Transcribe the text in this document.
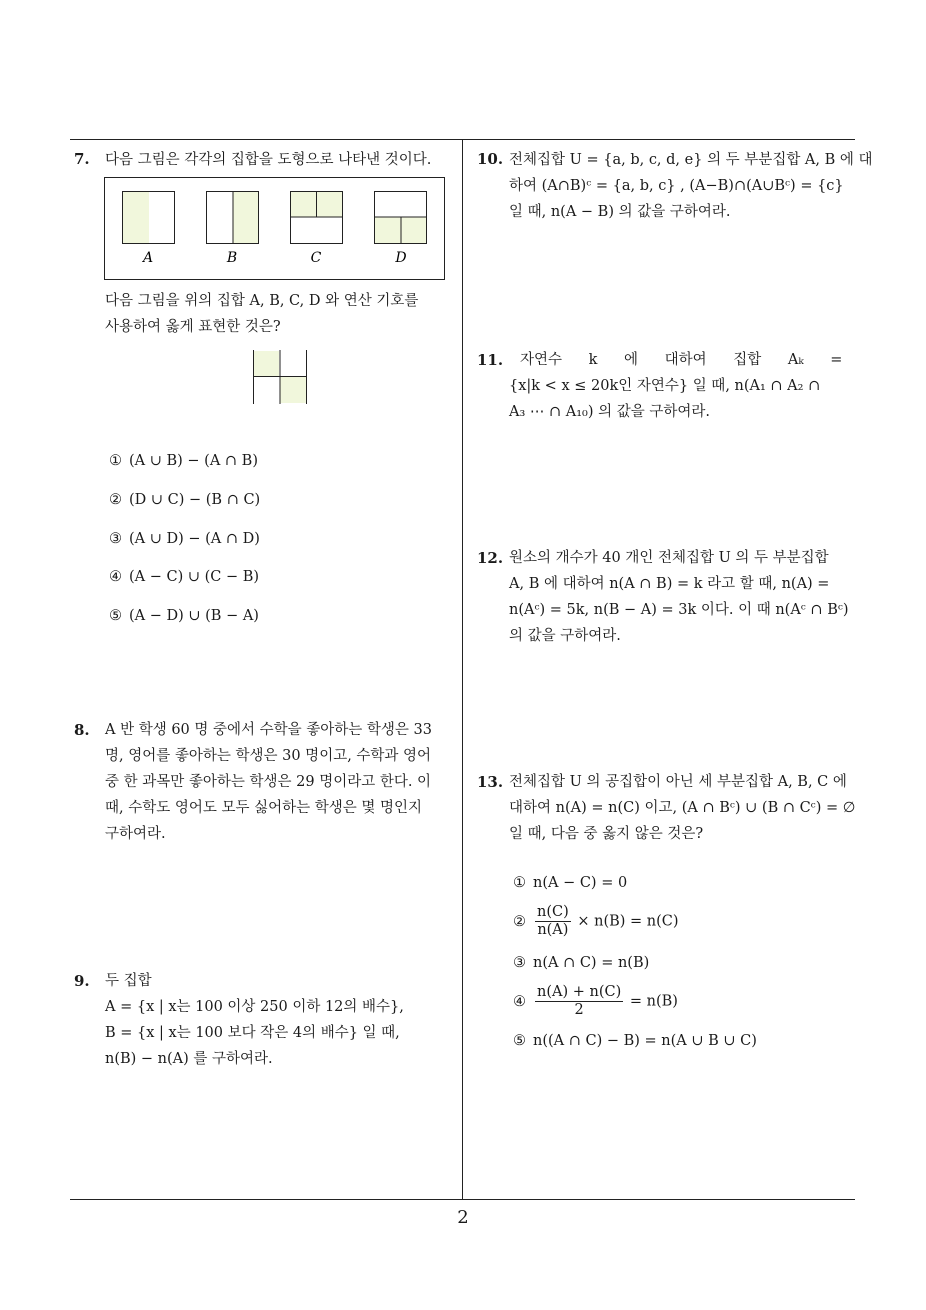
7. 다음 그림은 각각의 집합을 도형으로 나타낸 것이다.
A	B	C	D
다음 그림을 위의 집합 A, B, C, D 와 연산 기호를
사용하여 옳게 표현한 것은?
① (A ∪ B) − (A ∩ B)
② (D ∪ C) − (B ∩ C)
③ (A ∪ D) − (A ∩ D)
④ (A − C) ∪ (C − B)
⑤ (A − D) ∪ (B − A)
8. A 반 학생 60 명 중에서 수학을 좋아하는 학생은 33
명, 영어를 좋아하는 학생은 30 명이고, 수학과 영어
중 한 과목만 좋아하는 학생은 29 명이라고 한다. 이
때, 수학도 영어도 모두 싫어하는 학생은 몇 명인지
구하여라.
9. 두 집합
A = {x | x는 100 이상 250 이하 12의 배수},
B = {x | x는 100 보다 작은 4의 배수} 일 때,
n(B) − n(A) 를 구하여라.
10. 전체집합 U = {a, b, c, d, e} 의 두 부분집합 A, B 에 대
하여 (A∩B)ᶜ = {a, b, c} , (A−B)∩(A∪Bᶜ) = {c}
일 때, n(A − B) 의 값을 구하여라.
11. 자연수 k 에 대하여 집합 Aₖ =
{x|k < x ≤ 20k인 자연수} 일 때, n(A₁ ∩ A₂ ∩
A₃ ⋯ ∩ A₁₀) 의 값을 구하여라.
12. 원소의 개수가 40 개인 전체집합 U 의 두 부분집합
A, B 에 대하여 n(A ∩ B) = k 라고 할 때, n(A) =
n(Aᶜ) = 5k, n(B − A) = 3k 이다. 이 때 n(Aᶜ ∩ Bᶜ)
의 값을 구하여라.
13. 전체집합 U 의 공집합이 아닌 세 부분집합 A, B, C 에
대하여 n(A) = n(C) 이고, (A ∩ Bᶜ) ∪ (B ∩ Cᶜ) = ∅
일 때, 다음 중 옳지 않은 것은?
① n(A − C) = 0
② $\frac{n(C)}{n(A)} \times n(B) = n(C)$
③ n(A ∩ C) = n(B)
④ $\frac{n(A) + n(C)}{2} = n(B)$
⑤ n((A ∩ C) − B) = n(A ∪ B ∪ C)
2
